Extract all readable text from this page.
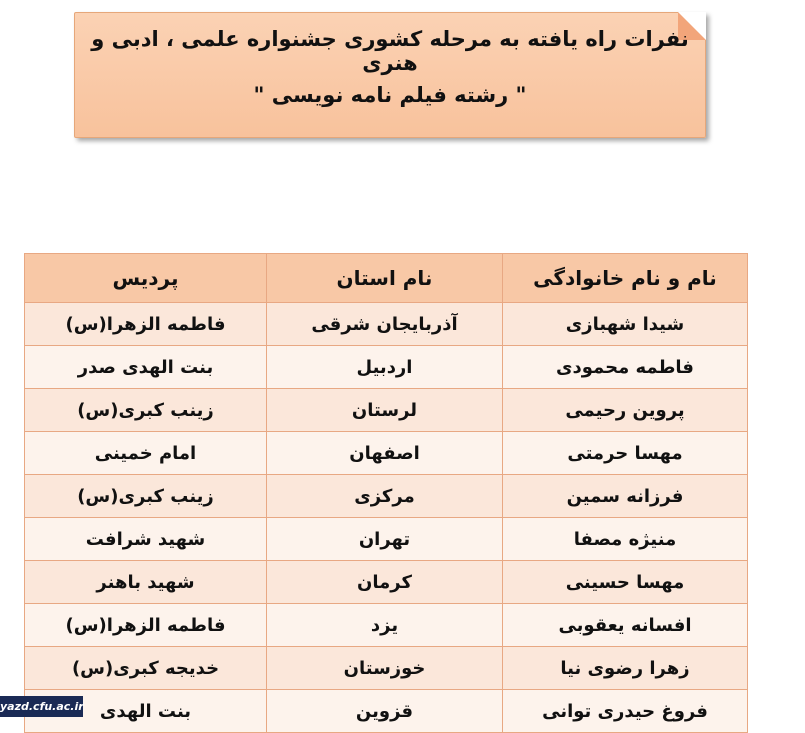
نفرات راه یافته به مرحله کشوری جشنواره علمی ، ادبی و هنری
" رشته فیلم نامه نویسی "
نام و نام خانوادگی	نام استان	پردیس
شیدا شهبازی	آذربایجان شرقی	فاطمه الزهرا(س)
فاطمه محمودی	اردبیل	بنت الهدی صدر
پروین رحیمی	لرستان	زینب کبری(س)
مهسا حرمتی	اصفهان	امام خمینی
فرزانه سمین	مرکزی	زینب کبری(س)
منیژه مصفا	تهران	شهید شرافت
مهسا حسینی	کرمان	شهید باهنر
افسانه یعقوبی	یزد	فاطمه الزهرا(س)
زهرا رضوی نیا	خوزستان	خدیجه کبری(س)
فروغ حیدری توانی	قزوین	بنت الهدی
yazd.cfu.ac.ir
